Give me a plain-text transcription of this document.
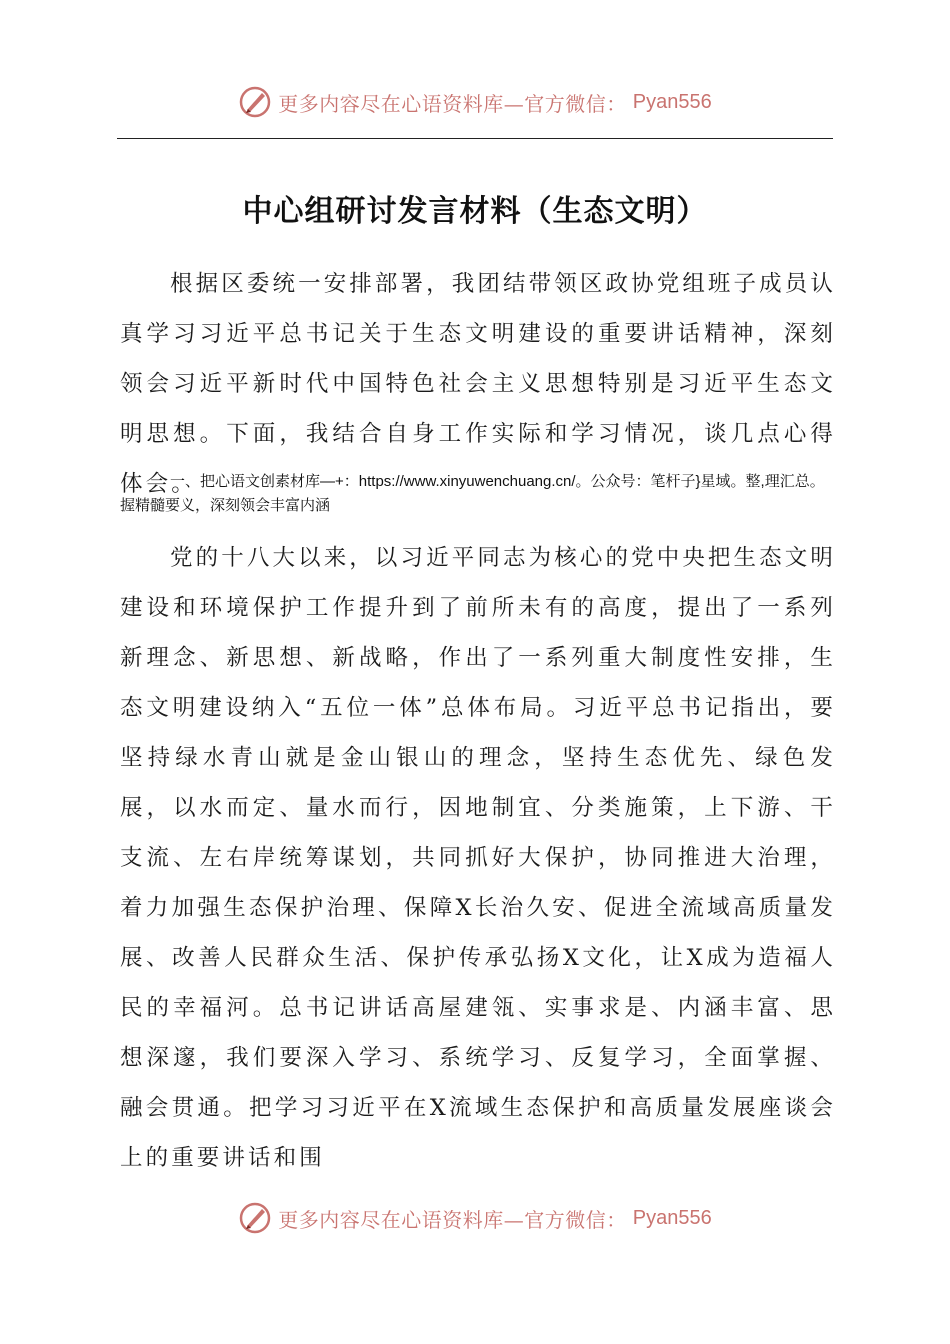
更多内容尽在心语资料库—官方微信： Pyan556
中心组研讨发言材料（生态文明）

根据区委统一安排部署，我团结带领区政协党组班子成员认真学习习近平总书记关于生态文明建设的重要讲话精神，深刻领会习近平新时代中国特色社会主义思想特别是习近平生态文明思想。下面，我结合自身工作实际和学习情况，谈几点心得体会。

一、把心语文创素材库—+：https://www.xinyuwenchuang.cn/。公众号：笔杆子}星域。整,理汇总。握精髓要义，深刻领会丰富内涵

党的十八大以来，以习近平同志为核心的党中央把生态文明建设和环境保护工作提升到了前所未有的高度，提出了一系列新理念、新思想、新战略，作出了一系列重大制度性安排，生态文明建设纳入“五位一体”总体布局。习近平总书记指出，要坚持绿水青山就是金山银山的理念，坚持生态优先、绿色发展，以水而定、量水而行，因地制宜、分类施策，上下游、干支流、左右岸统筹谋划，共同抓好大保护，协同推进大治理，着力加强生态保护治理、保障X长治久安、促进全流域高质量发展、改善人民群众生活、保护传承弘扬X文化，让X成为造福人民的幸福河。总书记讲话高屋建瓴、实事求是、内涵丰富、思想深邃，我们要深入学习、系统学习、反复学习，全面掌握、融会贯通。把学习习近平在X流域生态保护和高质量发展座谈会上的重要讲话和围

更多内容尽在心语资料库—官方微信： Pyan556
